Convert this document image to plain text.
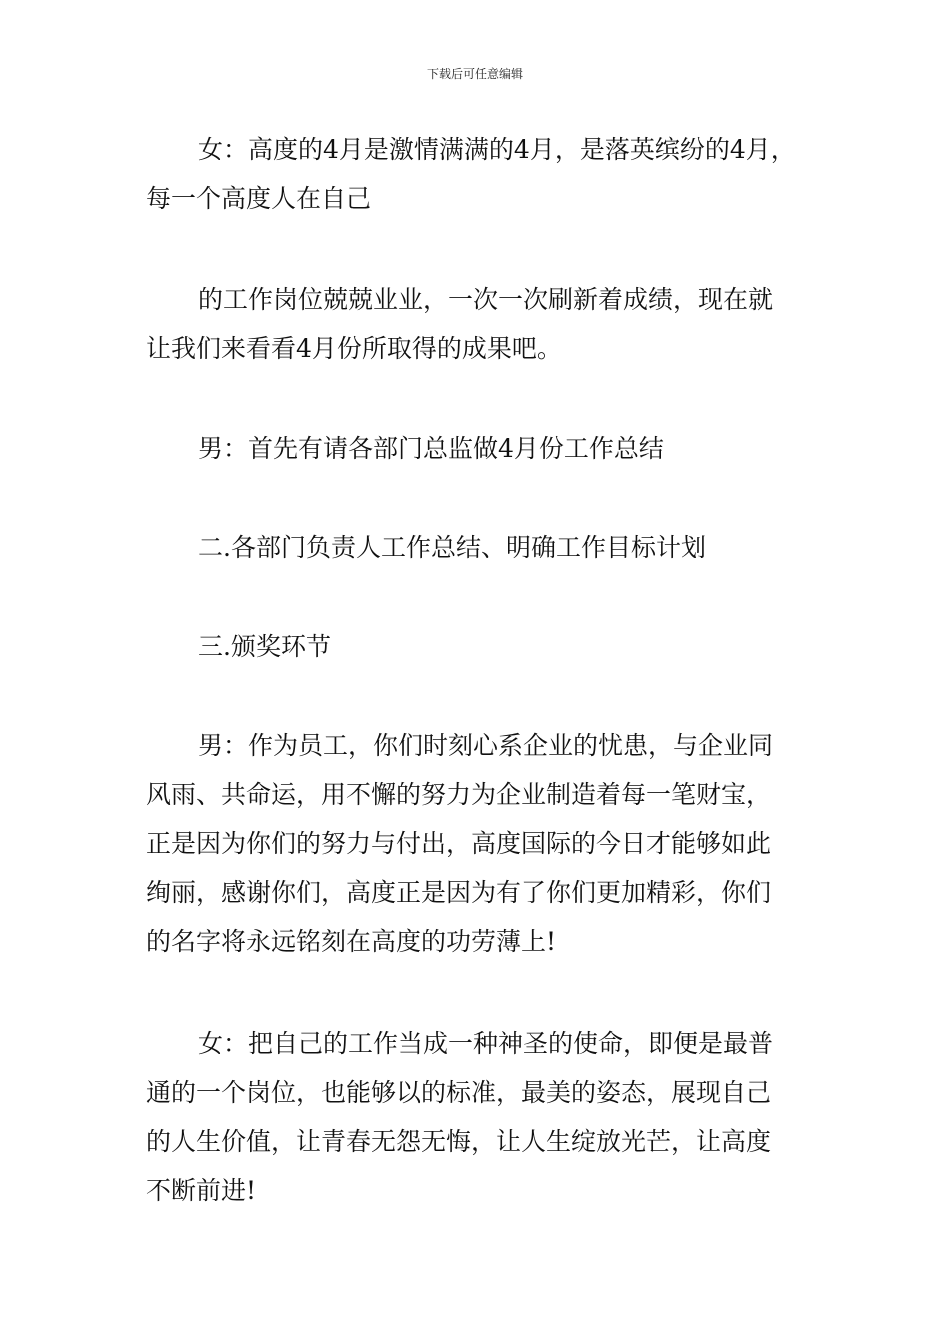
下载后可任意编辑
女：高度的4月是激情满满的4月，是落英缤纷的4月，
每一个高度人在自己
的工作岗位兢兢业业，一次一次刷新着成绩，现在就
让我们来看看4月份所取得的成果吧。
男：首先有请各部门总监做4月份工作总结
二.各部门负责人工作总结、明确工作目标计划
三.颁奖环节
男：作为员工，你们时刻心系企业的忧患，与企业同
风雨、共命运，用不懈的努力为企业制造着每一笔财宝，
正是因为你们的努力与付出，高度国际的今日才能够如此
绚丽，感谢你们，高度正是因为有了你们更加精彩，你们
的名字将永远铭刻在高度的功劳薄上!
女：把自己的工作当成一种神圣的使命，即便是最普
通的一个岗位，也能够以的标准，最美的姿态，展现自己
的人生价值，让青春无怨无悔，让人生绽放光芒，让高度
不断前进!
